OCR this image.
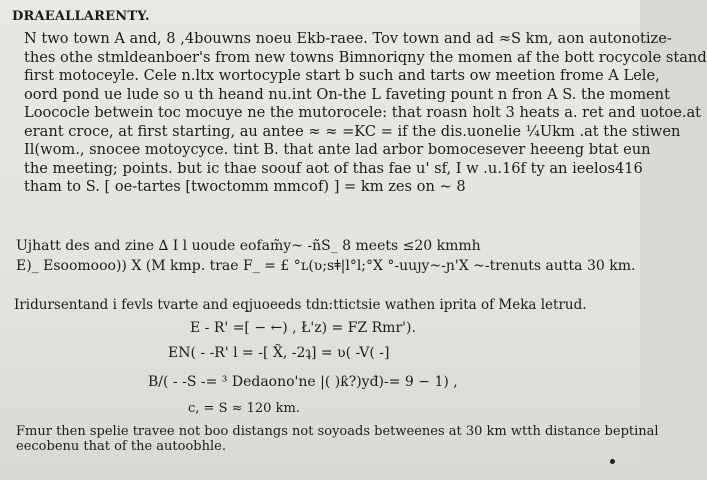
DRAEALLARENTY.
N two town A and, 8 ,4bouwns noeu Ekb-raee. Tov town and ad ≈S km, aon autonotize-
thes othe stmldeanboer's from new towns Bimnoriqny the momen af the bott rocycole stand
first motoceyle. Cele n.ltx wortocyple start b such and tarts ow meetion frome A Lele,
oord pond ue lude so u th heand nu.int On-the L faveting pount n fron A S. the moment
Loococle betwein toc mocuye ne the mutorocele: that roasn holt 3 heats a. ret and uotoe.at
erant croce, at first starting, au antee ≈ ≈ =KC = if the dis.uonelie ¼Ukm .at the stiwen
Il(wom., snocee motoycyce. tint B. that ante lad arbor bomocesever heeeng btat eun
the meeting; points. but ic thae soouf aot of thas fae u' sf, I w .u.16f ty an ieelos416
tham to S. [ oe-tartes [twoctomm mmcof) ] = km zes on ~ 8
Ujhatt des and zine ∆ I l uoude eofam̃y~ -ñS_ 8 meets ≤20 kmmh
E)_ Esoomooo)) X (M kmp. trae F_ = £ °ʟ(ʋ;sǂ|l°l;°X °-uuȷy~-ɲ'X ~-trenuts autta 30 km.
Iridursentand i fevls tvarte and eqjuoeeds tdn:ttictsie wathen iprita of Meka letrud.
E - R' =[ − ←) , Ł'z) = FZ Rmr').
EN( - -R' l = -[ X̃, -2ʇ] = ʋ( -V( -]
B/( - -S -= ³ Dedaono'ne |( )ƙ?)yđ)-= 9 − 1) ,
c, = S ≈ 120 km.
Fmur then spelie travee not boo distangs not soyoads betweenes at 30 km wtth distance beptinal
eecobenu that of the autoobhle.
